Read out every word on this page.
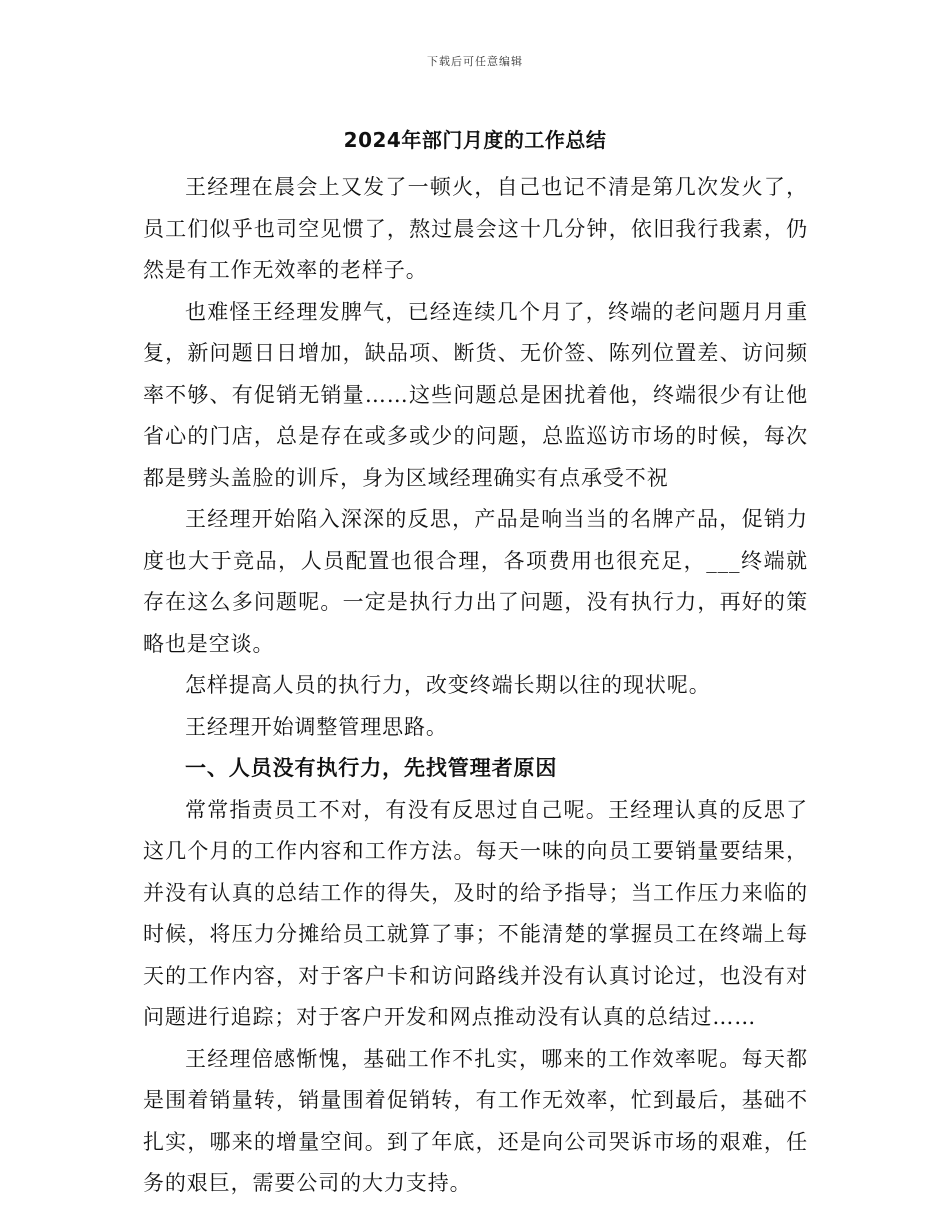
下载后可任意编辑
2024年部门月度的工作总结

王经理在晨会上又发了一顿火，自己也记不清是第几次发火了，员工们似乎也司空见惯了，熬过晨会这十几分钟，依旧我行我素，仍然是有工作无效率的老样子。

也难怪王经理发脾气，已经连续几个月了，终端的老问题月月重复，新问题日日增加，缺品项、断货、无价签、陈列位置差、访问频率不够、有促销无销量……这些问题总是困扰着他，终端很少有让他省心的门店，总是存在或多或少的问题，总监巡访市场的时候，每次都是劈头盖脸的训斥，身为区域经理确实有点承受不祝

王经理开始陷入深深的反思，产品是响当当的名牌产品，促销力度也大于竞品，人员配置也很合理，各项费用也很充足，___终端就存在这么多问题呢。一定是执行力出了问题，没有执行力，再好的策略也是空谈。

怎样提高人员的执行力，改变终端长期以往的现状呢。

王经理开始调整管理思路。

一、人员没有执行力，先找管理者原因

常常指责员工不对，有没有反思过自己呢。王经理认真的反思了这几个月的工作内容和工作方法。每天一味的向员工要销量要结果，并没有认真的总结工作的得失，及时的给予指导；当工作压力来临的时候，将压力分摊给员工就算了事；不能清楚的掌握员工在终端上每天的工作内容，对于客户卡和访问路线并没有认真讨论过，也没有对问题进行追踪；对于客户开发和网点推动没有认真的总结过……

王经理倍感惭愧，基础工作不扎实，哪来的工作效率呢。每天都是围着销量转，销量围着促销转，有工作无效率，忙到最后，基础不扎实，哪来的增量空间。到了年底，还是向公司哭诉市场的艰难，任务的艰巨，需要公司的大力支持。
